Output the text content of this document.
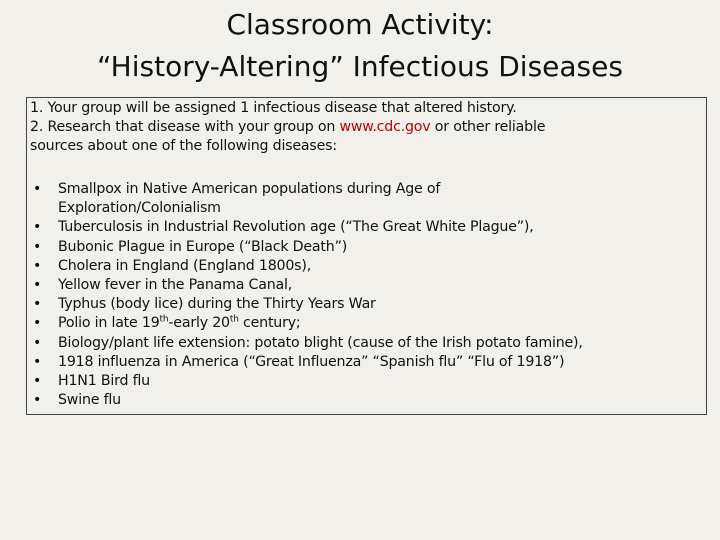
Classroom Activity:
“History-Altering” Infectious Diseases

1. Your group will be assigned 1 infectious disease that altered history.

2. Research that disease with your group on www.cdc.gov or other reliable

sources about one of the following diseases:

• Smallpox in Native American populations during Age of
Exploration/Colonialism
• Tuberculosis in Industrial Revolution age (“The Great White Plague”),
• Bubonic Plague in Europe (“Black Death”)
• Cholera in England (England 1800s),
• Yellow fever in the Panama Canal,
• Typhus (body lice) during the Thirty Years War
• Polio in late 19th-early 20th century;
• Biology/plant life extension: potato blight (cause of the Irish potato famine),
• 1918 influenza in America (“Great Influenza” “Spanish flu” “Flu of 1918”)
• H1N1 Bird flu
• Swine flu
